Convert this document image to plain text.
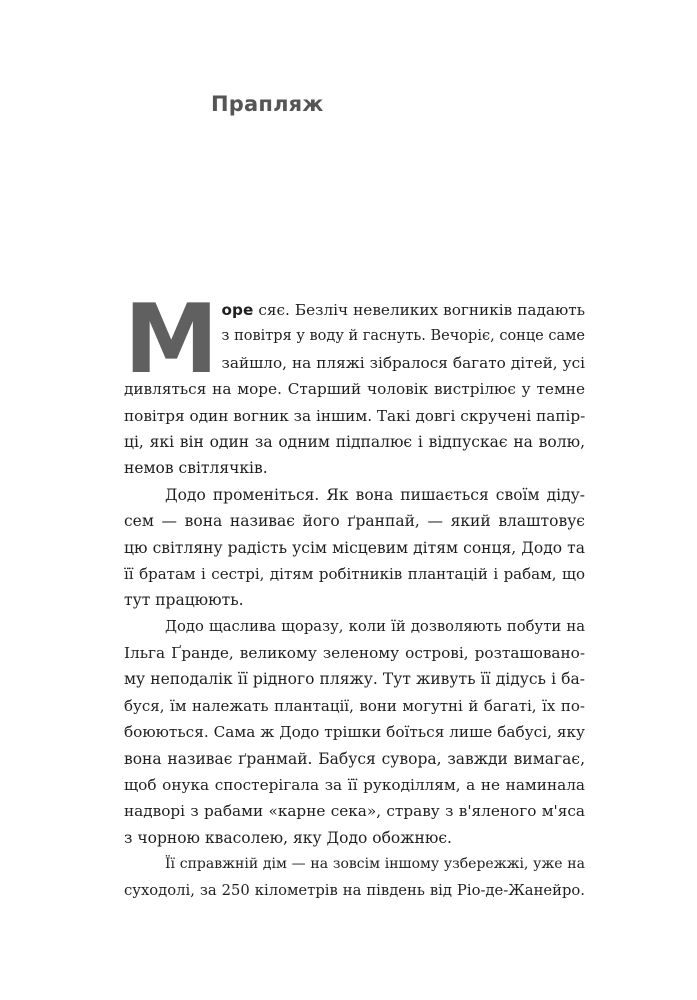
Прапляж
М оре сяє. Безліч невеликих вогників падають
з повітря у воду й гаснуть. Вечоріє, сонце саме
зайшло, на пляжі зібралося багато дітей, усі
дивляться на море. Старший чоловік вистрілює у темне
повітря один вогник за іншим. Такі довгі скручені папір-
ці, які він один за одним підпалює і відпускає на волю,
немов світлячків.
Додо променіться. Як вона пишається своїм діду-
сем — вона називає його ґранпай, — який влаштовує
цю світляну радість усім місцевим дітям сонця, Додо та
її братам і сестрі, дітям робітників плантацій і рабам, що
тут працюють.
Додо щаслива щоразу, коли їй дозволяють побути на
Ільга Ґранде, великому зеленому острові, розташовано-
му неподалік її рідного пляжу. Тут живуть її дідусь і ба-
буся, їм належать плантації, вони могутні й багаті, їх по-
боюються. Сама ж Додо трішки боїться лише бабусі, яку
вона називає ґранмай. Бабуся сувора, завжди вимагає,
щоб онука спостерігала за її рукоділлям, а не наминала
надворі з рабами «карне сека», страву з в'яленого м'яса
з чорною квасолею, яку Додо обожнює.
Її справжній дім — на зовсім іншому узбережжі, уже на
суходолі, за 250 кілометрів на південь від Ріо-де-Жанейро.
